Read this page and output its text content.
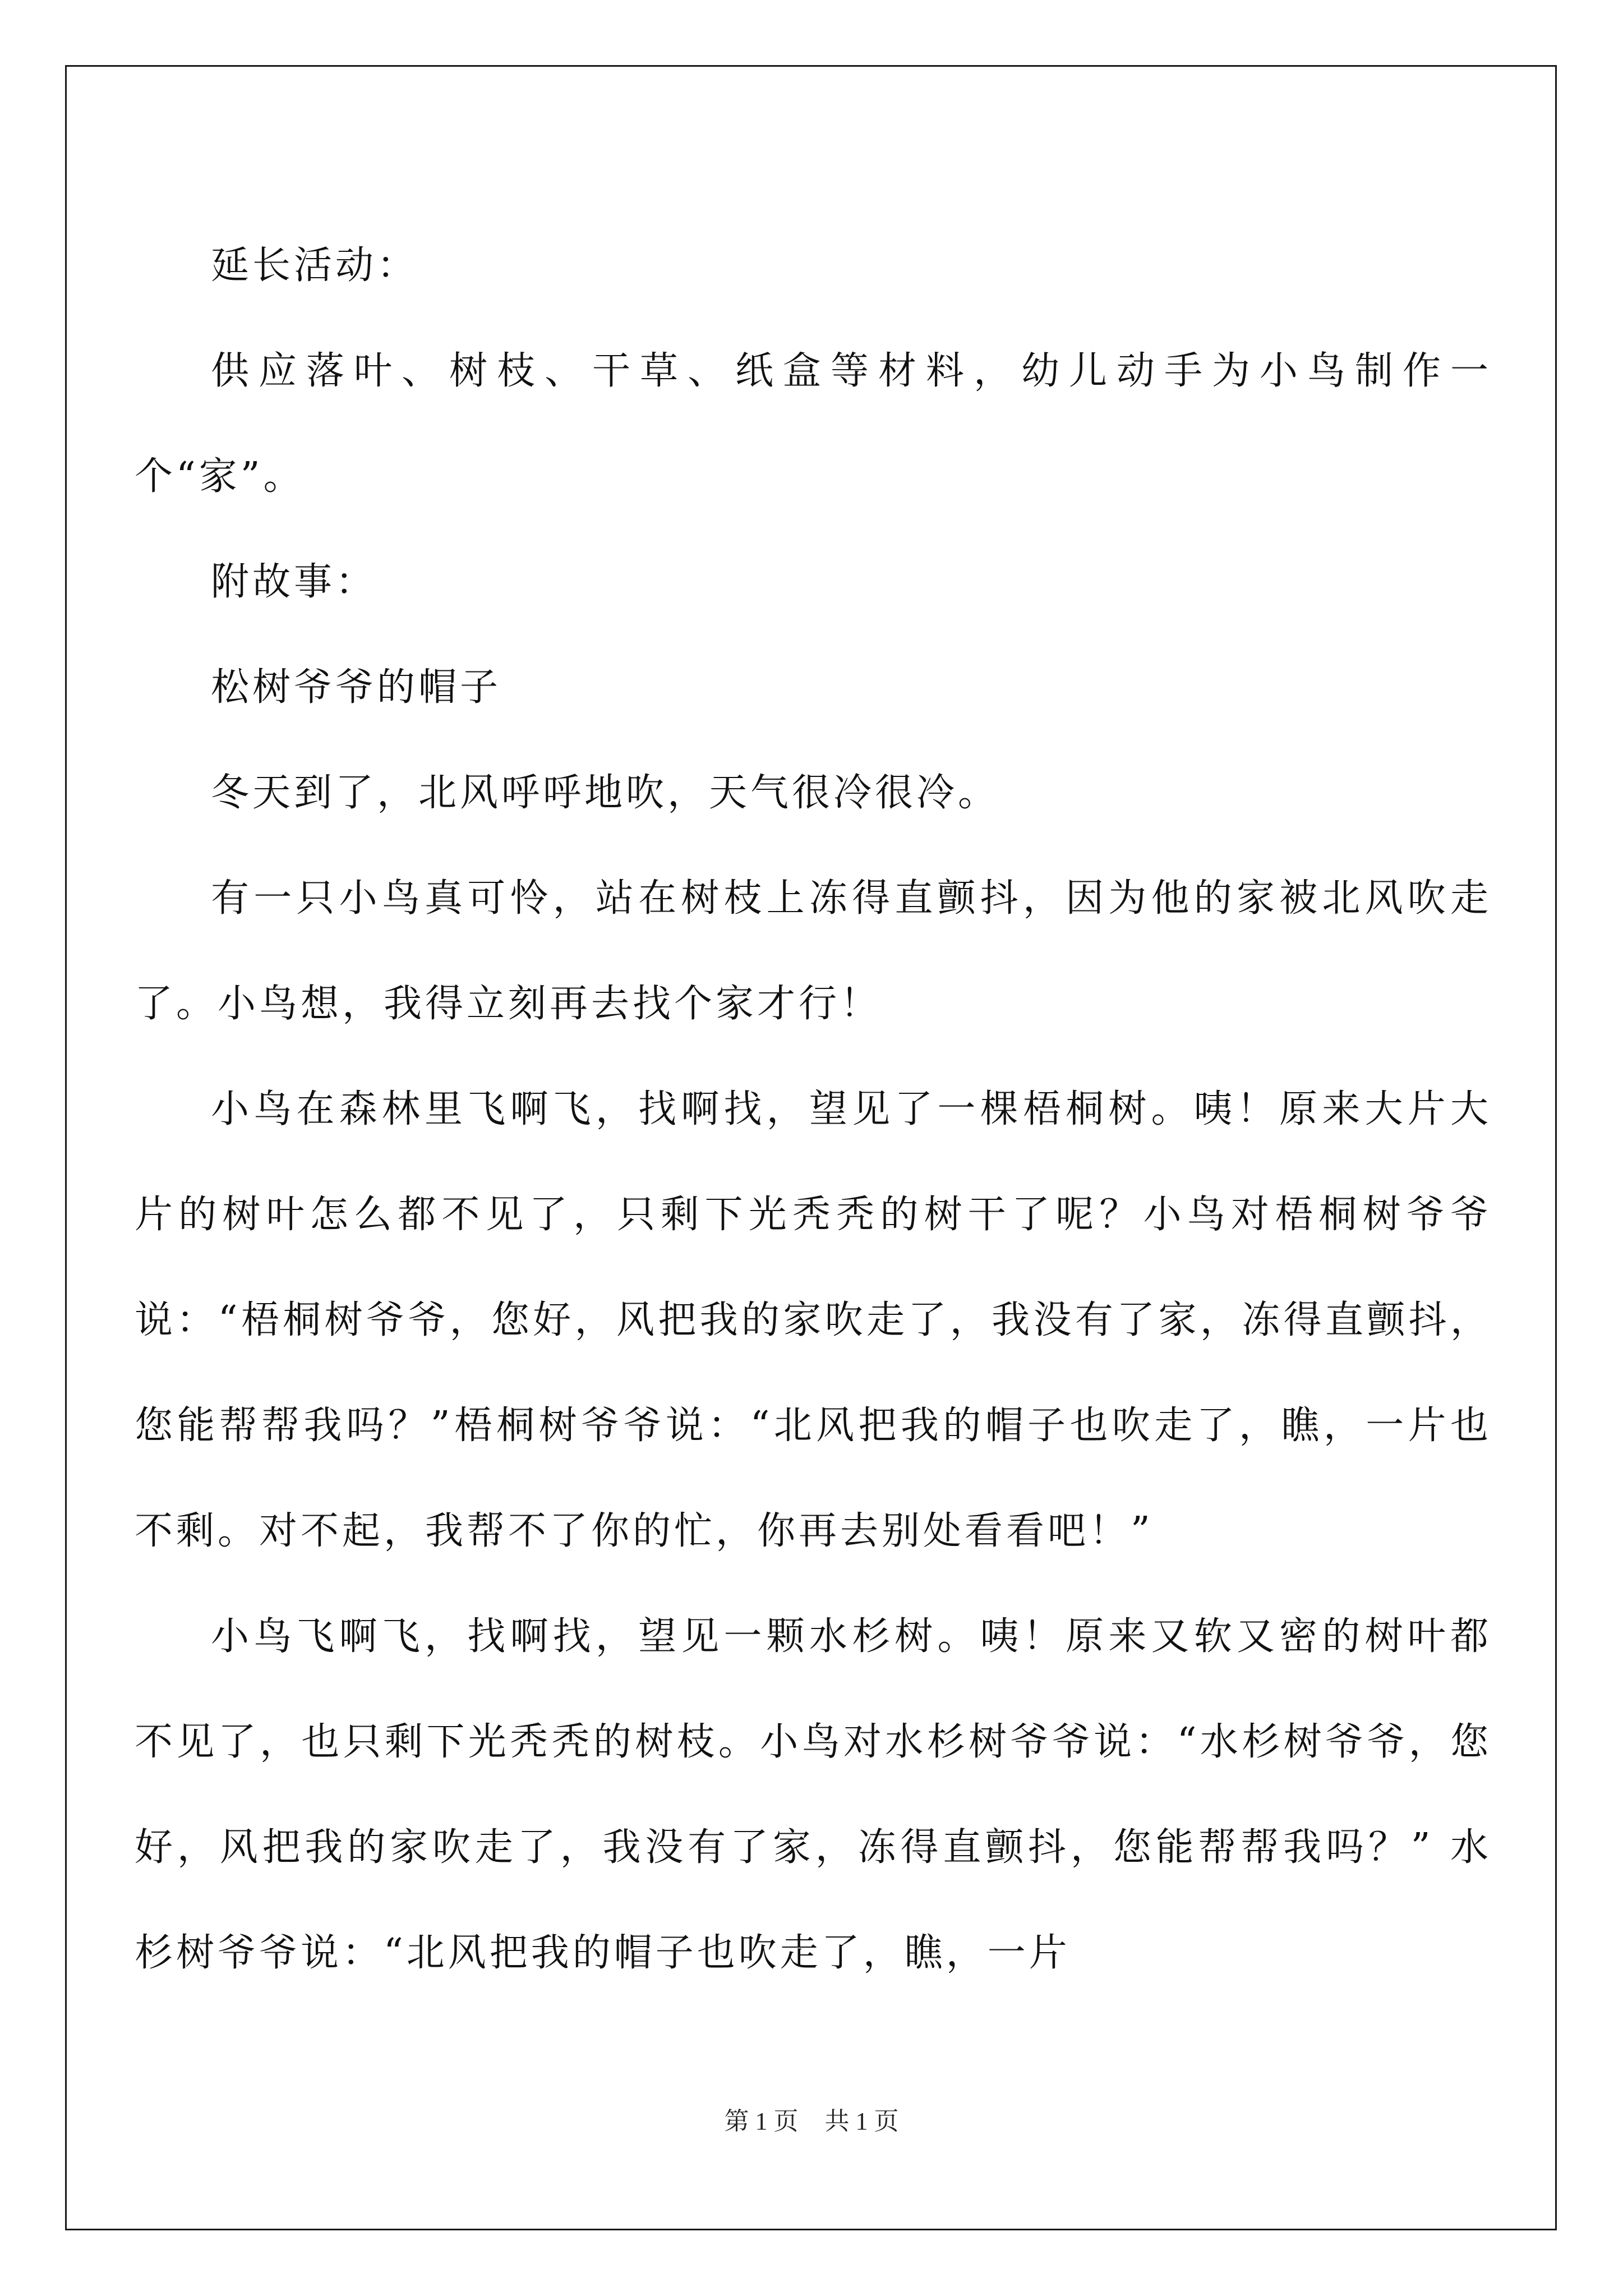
延长活动：

供应落叶、树枝、干草、纸盒等材料，幼儿动手为小鸟制作一个“家”。

附故事：

松树爷爷的帽子

冬天到了，北风呼呼地吹，天气很冷很冷。

有一只小鸟真可怜，站在树枝上冻得直颤抖，因为他的家被北风吹走了。小鸟想，我得立刻再去找个家才行！

小鸟在森林里飞啊飞，找啊找，望见了一棵梧桐树。咦！原来大片大片的树叶怎么都不见了，只剩下光秃秃的树干了呢？小鸟对梧桐树爷爷说：“梧桐树爷爷，您好，风把我的家吹走了，我没有了家，冻得直颤抖，您能帮帮我吗？”梧桐树爷爷说：“北风把我的帽子也吹走了，瞧，一片也不剩。对不起，我帮不了你的忙，你再去别处看看吧！”

小鸟飞啊飞，找啊找，望见一颗水杉树。咦！原来又软又密的树叶都不见了，也只剩下光秃秃的树枝。小鸟对水杉树爷爷说：“水杉树爷爷，您好，风把我的家吹走了，我没有了家，冻得直颤抖，您能帮帮我吗？” 水杉树爷爷说：“北风把我的帽子也吹走了，瞧，一片

第 1 页 共 1 页
